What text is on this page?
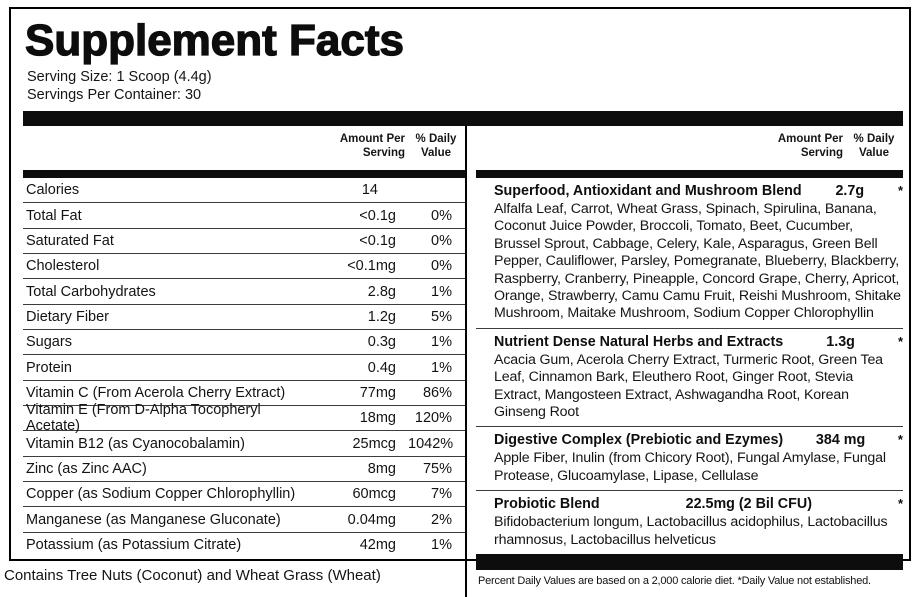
Supplement Facts
Serving Size: 1 Scoop (4.4g)
Servings Per Container: 30
Amount Per Serving
% Daily Value
Calories	14
Total Fat	<0.1g	0%
Saturated Fat	<0.1g	0%
Cholesterol	<0.1mg	0%
Total Carbohydrates	2.8g	1%
Dietary Fiber	1.2g	5%
Sugars	0.3g	1%
Protein	0.4g	1%
Vitamin C (From Acerola Cherry Extract)	77mg	86%
Vitamin E (From D-Alpha Tocopheryl Acetate)	18mg	120%
Vitamin B12 (as Cyanocobalamin)	25mcg 1042%
Zinc (as Zinc AAC)	8mg	75%
Copper (as Sodium Copper Chlorophyllin)	60mcg	7%
Manganese (as Manganese Gluconate)	0.04mg	2%
Potassium (as Potassium Citrate)	42mg	1%
Amount Per Serving
% Daily Value
Superfood, Antioxidant and Mushroom Blend 2.7g	*
Alfalfa Leaf, Carrot, Wheat Grass, Spinach, Spirulina, Banana, Coconut Juice Powder, Broccoli, Tomato, Beet, Cucumber, Brussel Sprout, Cabbage, Celery, Kale, Asparagus, Green Bell Pepper, Cauliflower, Parsley, Pomegranate, Blueberry, Blackberry, Raspberry, Cranberry, Pineapple, Concord Grape, Cherry, Apricot, Orange, Strawberry, Camu Camu Fruit, Reishi Mushroom, Shitake Mushroom, Maitake Mushroom, Sodium Copper Chlorophyllin
Nutrient Dense Natural Herbs and Extracts	1.3g	*
Acacia Gum, Acerola Cherry Extract, Turmeric Root, Green Tea Leaf, Cinnamon Bark, Eleuthero Root, Ginger Root, Stevia Extract, Mangosteen Extract, Ashwagandha Root, Korean Ginseng Root
Digestive Complex (Prebiotic and Ezymes) 384 mg	*
Apple Fiber, Inulin (from Chicory Root), Fungal Amylase, Fungal Protease, Glucoamylase, Lipase, Cellulase
Probiotic Blend	22.5mg (2 Bil CFU)	*
Bifidobacterium longum, Lactobacillus acidophilus, Lactobacillus rhamnosus, Lactobacillus helveticus
Percent Daily Values are based on a 2,000 calorie diet. *Daily Value not established.
Contains Tree Nuts (Coconut) and Wheat Grass (Wheat)
